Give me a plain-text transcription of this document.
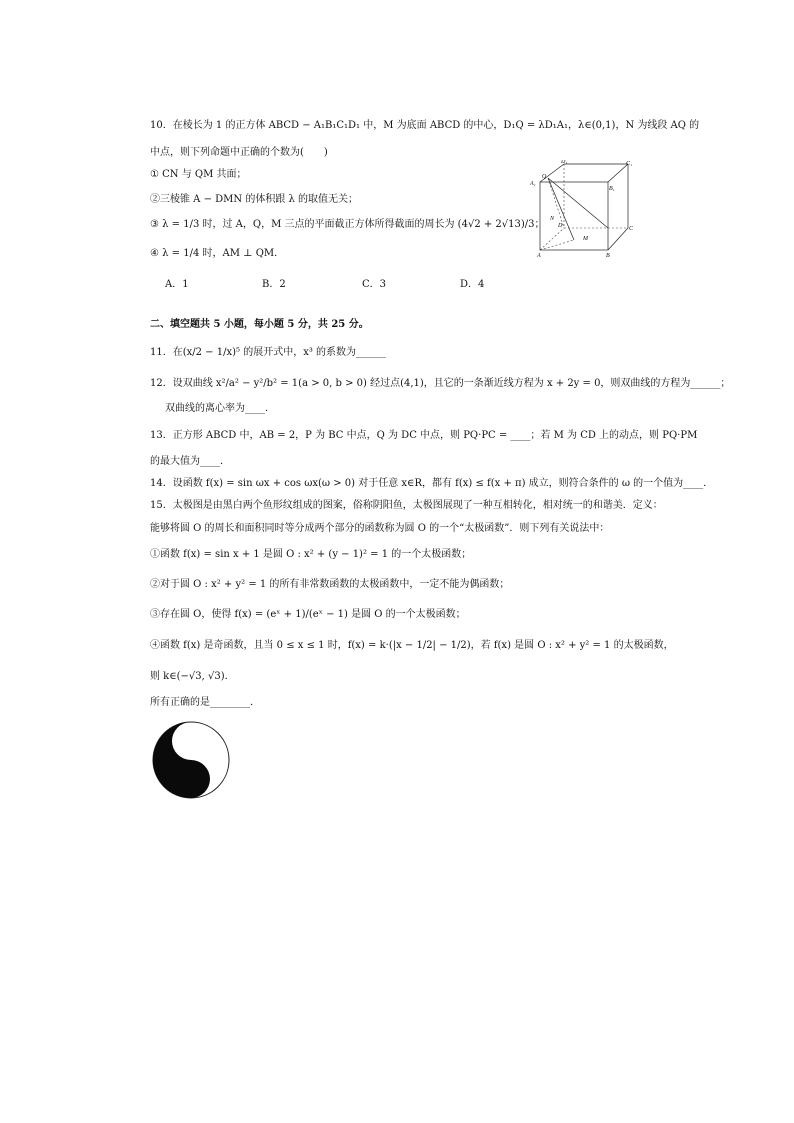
10．在棱长为 1 的正方体 ABCD − A₁B₁C₁D₁ 中，M 为底面 ABCD 的中心，D₁Q = λD₁A₁，λ∈(0,1)，N 为线段 AQ 的
中点，则下列命题中正确的个数为(　　)
① CN 与 QM 共面；
②三棱锥 A − DMN 的体积跟 λ 的取值无关；
③ λ = 1/3 时，过 A，Q，M 三点的平面截正方体所得截面的周长为 (4√2 + 2√13)/3；
④ λ = 1/4 时，AM ⊥ QM．
A．1	B．2	C．3	D．4
D₁	C₁
A₁
B₁
Q
N
D
M
A	B
C
二、填空题共 5 小题，每小题 5 分，共 25 分。
11．在(x/2 − 1/x)⁵ 的展开式中，x³ 的系数为______
12．设双曲线 x²/a² − y²/b² = 1(a > 0, b > 0) 经过点(4,1)，且它的一条渐近线方程为 x + 2y = 0，则双曲线的方程为______；
双曲线的离心率为____．
13．正方形 ABCD 中，AB = 2，P 为 BC 中点，Q 为 DC 中点，则 PQ·PC = ____；若 M 为 CD 上的动点，则 PQ·PM
的最大值为____．
14．设函数 f(x) = sin ωx + cos ωx(ω > 0) 对于任意 x∈R，都有 f(x) ≤ f(x + π) 成立，则符合条件的 ω 的一个值为____．
15．太极图是由黑白两个鱼形纹组成的图案，俗称阴阳鱼，太极图展现了一种互相转化，相对统一的和谐美．定义：
能够将圆 O 的周长和面积同时等分成两个部分的函数称为圆 O 的一个“太极函数”．则下列有关说法中：
①函数 f(x) = sin x + 1 是圆 O : x² + (y − 1)² = 1 的一个太极函数；
②对于圆 O : x² + y² = 1 的所有非常数函数的太极函数中，一定不能为偶函数；
③存在圆 O，使得 f(x) = (eˣ + 1)/(eˣ − 1) 是圆 O 的一个太极函数；
④函数 f(x) 是奇函数，且当 0 ≤ x ≤ 1 时，f(x) = k·(|x − 1/2| − 1/2)，若 f(x) 是圆 O : x² + y² = 1 的太极函数，
则 k∈(−√3, √3)．
所有正确的是________．
